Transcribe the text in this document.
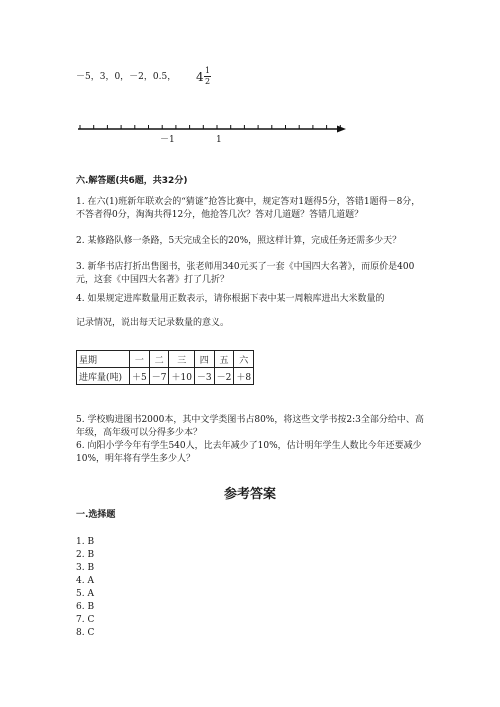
－5，3，0，－2，0.5， 4 1
2
－1	1
六.解答题(共6题，共32分)
1. 在六(1)班新年联欢会的“猜谜”抢答比赛中，规定答对1题得5分，答错1题得－8分，不答者得0分，淘淘共得12分，他抢答几次？答对几道题？答错几道题？
2. 某修路队修一条路，5天完成全长的20%，照这样计算，完成任务还需多少天？
3. 新华书店打折出售图书，张老师用340元买了一套《中国四大名著》，而原价是400元，这套《中国四大名著》打了几折？
4. 如果规定进库数量用正数表示，请你根据下表中某一周粮库进出大米数量的
记录情况，说出每天记录数量的意义。
星期	一	二	三	四	五	六
进库量(吨)	＋5	－7	＋10	－3	－2	＋8
5. 学校购进图书2000本，其中文学类图书占80%，将这些文学书按2:3全部分给中、高年级，高年级可以分得多少本？
6. 向阳小学今年有学生540人，比去年减少了10%，估计明年学生人数比今年还要减少10%，明年将有学生多少人？
参考答案
一.选择题
1. B
2. B
3. B
4. A
5. A
6. B
7. C
8. C
